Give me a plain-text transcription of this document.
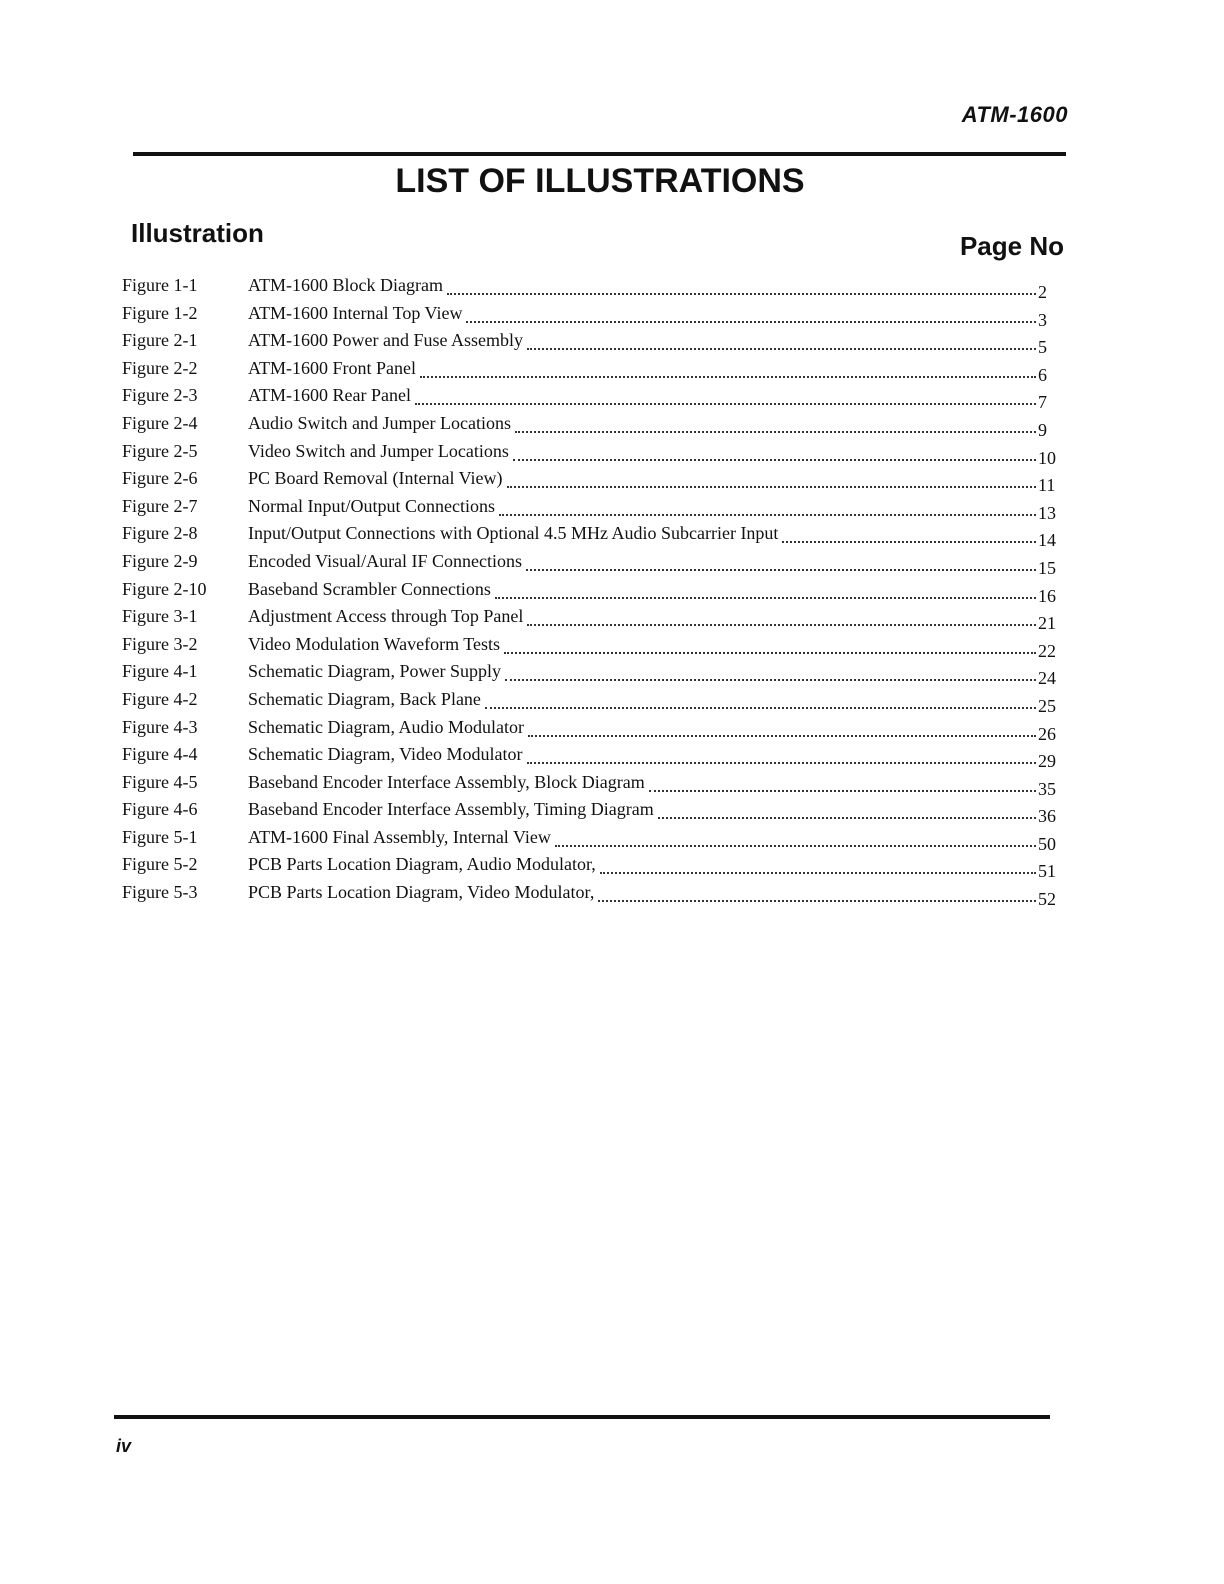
ATM-1600
LIST OF ILLUSTRATIONS
Illustration	Page No
Figure 1-1	ATM-1600 Block Diagram	2
Figure 1-2	ATM-1600 Internal Top View	3
Figure 2-1	ATM-1600 Power and Fuse Assembly	5
Figure 2-2	ATM-1600 Front Panel	6
Figure 2-3	ATM-1600 Rear Panel	7
Figure 2-4	Audio Switch and Jumper Locations	9
Figure 2-5	Video Switch and Jumper Locations	10
Figure 2-6	PC Board Removal (Internal View)	11
Figure 2-7	Normal Input/Output Connections	13
Figure 2-8	Input/Output Connections with Optional 4.5 MHz Audio Subcarrier Input	14
Figure 2-9	Encoded Visual/Aural IF Connections	15
Figure 2-10	Baseband Scrambler Connections	16
Figure 3-1	Adjustment Access through Top Panel	21
Figure 3-2	Video Modulation Waveform Tests	22
Figure 4-1	Schematic Diagram, Power Supply	24
Figure 4-2	Schematic Diagram, Back Plane	25
Figure 4-3	Schematic Diagram, Audio Modulator	26
Figure 4-4	Schematic Diagram, Video Modulator	29
Figure 4-5	Baseband Encoder Interface Assembly, Block Diagram	35
Figure 4-6	Baseband Encoder Interface Assembly, Timing Diagram	36
Figure 5-1	ATM-1600 Final Assembly, Internal View	50
Figure 5-2	PCB Parts Location Diagram, Audio Modulator,	51
Figure 5-3	PCB Parts Location Diagram, Video Modulator,	52
iv
